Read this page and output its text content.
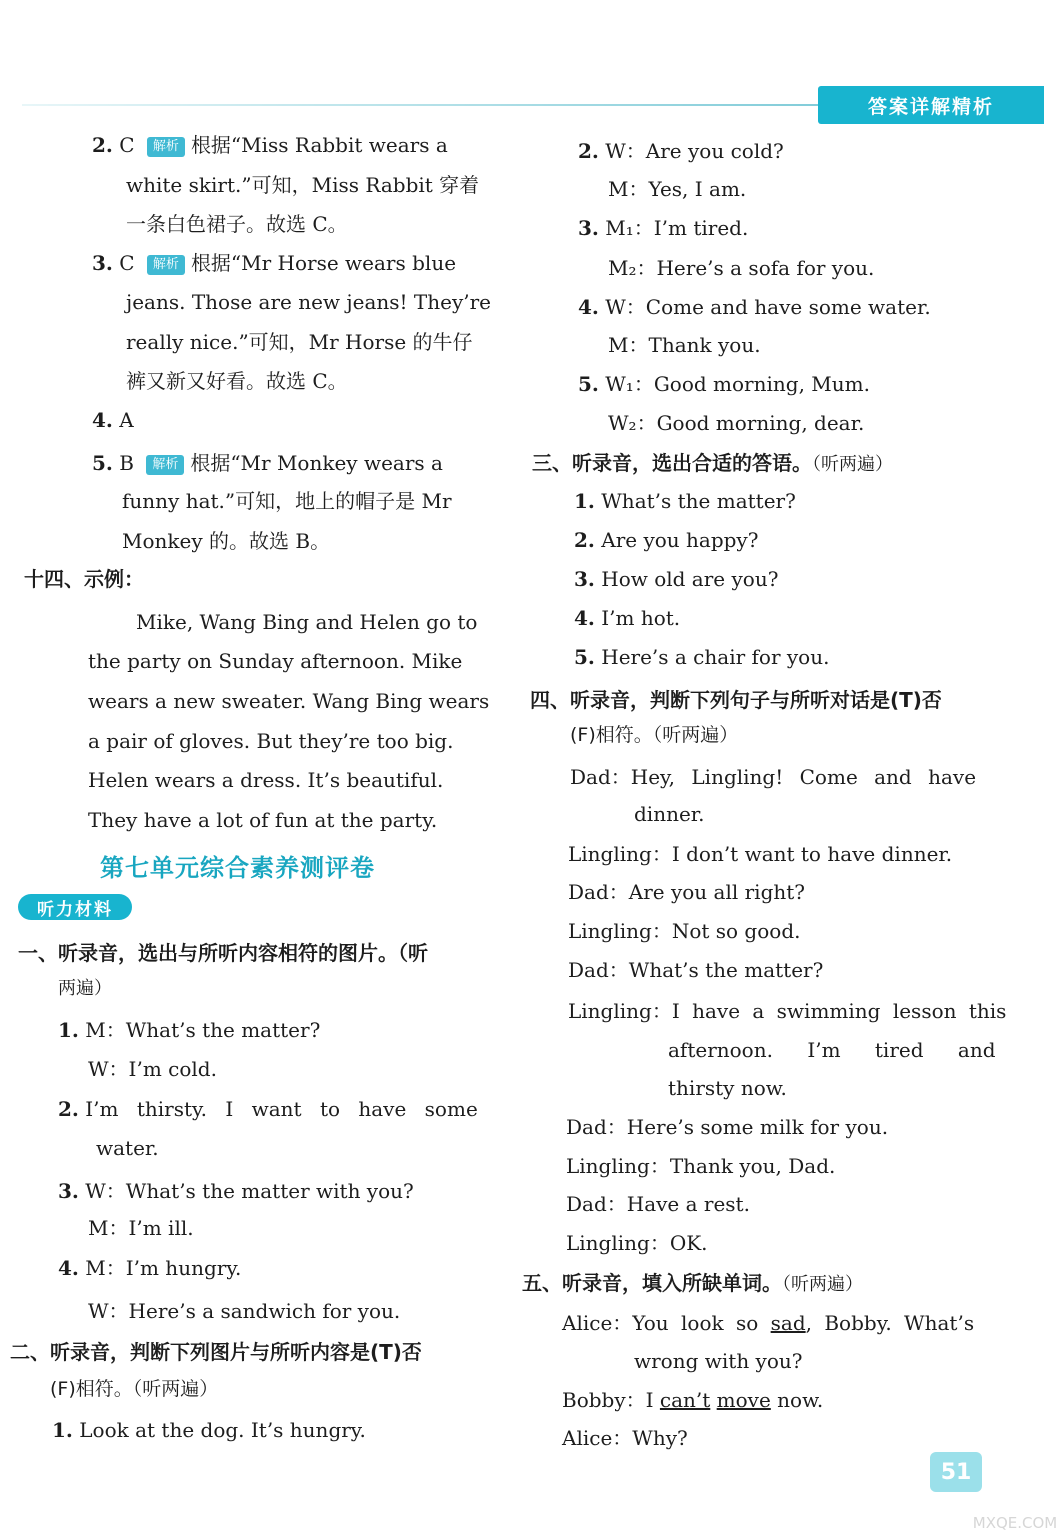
答案详解精析
2. C 解析 根据“Miss Rabbit wears a
white skirt.”可知，Miss Rabbit 穿着
一条白色裙子。故选 C。
3. C 解析 根据“Mr Horse wears blue
jeans. Those are new jeans! They’re
really nice.”可知，Mr Horse 的牛仔
裤又新又好看。故选 C。
4. A
5. B 解析 根据“Mr Monkey wears a
funny hat.”可知，地上的帽子是 Mr
Monkey 的。故选 B。
十四、示例：
Mike, Wang Bing and Helen go to
the party on Sunday afternoon. Mike
wears a new sweater. Wang Bing wears
a pair of gloves. But they’re too big.
Helen wears a dress. It’s beautiful.
They have a lot of fun at the party.
第七单元综合素养测评卷
听力材料
一、听录音，选出与所听内容相符的图片。（听
两遍）
1. M：What’s the matter?
W：I’m cold.
2. I’m thirsty. I want to have some
water.
3. W：What’s the matter with you?
M：I’m ill.
4. M：I’m hungry.
W：Here’s a sandwich for you.
二、听录音，判断下列图片与所听内容是(T)否
(F)相符。（听两遍）
1. Look at the dog. It’s hungry.
2. W：Are you cold?
M：Yes, I am.
3. M₁：I’m tired.
M₂：Here’s a sofa for you.
4. W：Come and have some water.
M：Thank you.
5. W₁：Good morning, Mum.
W₂：Good morning, dear.
三、听录音，选出合适的答语。（听两遍）
1. What’s the matter?
2. Are you happy?
3. How old are you?
4. I’m hot.
5. Here’s a chair for you.
四、听录音，判断下列句子与所听对话是(T)否
(F)相符。（听两遍）
Dad：Hey, Lingling! Come and have
dinner.
Lingling：I don’t want to have dinner.
Dad：Are you all right?
Lingling：Not so good.
Dad：What’s the matter?
Lingling：I have a swimming lesson this
afternoon. I’m tired and
thirsty now.
Dad：Here’s some milk for you.
Lingling：Thank you, Dad.
Dad：Have a rest.
Lingling：OK.
五、听录音，填入所缺单词。（听两遍）
Alice：You look so sad, Bobby. What’s
wrong with you?
Bobby：I can’t move now.
Alice：Why?
51
MXQE.COM
